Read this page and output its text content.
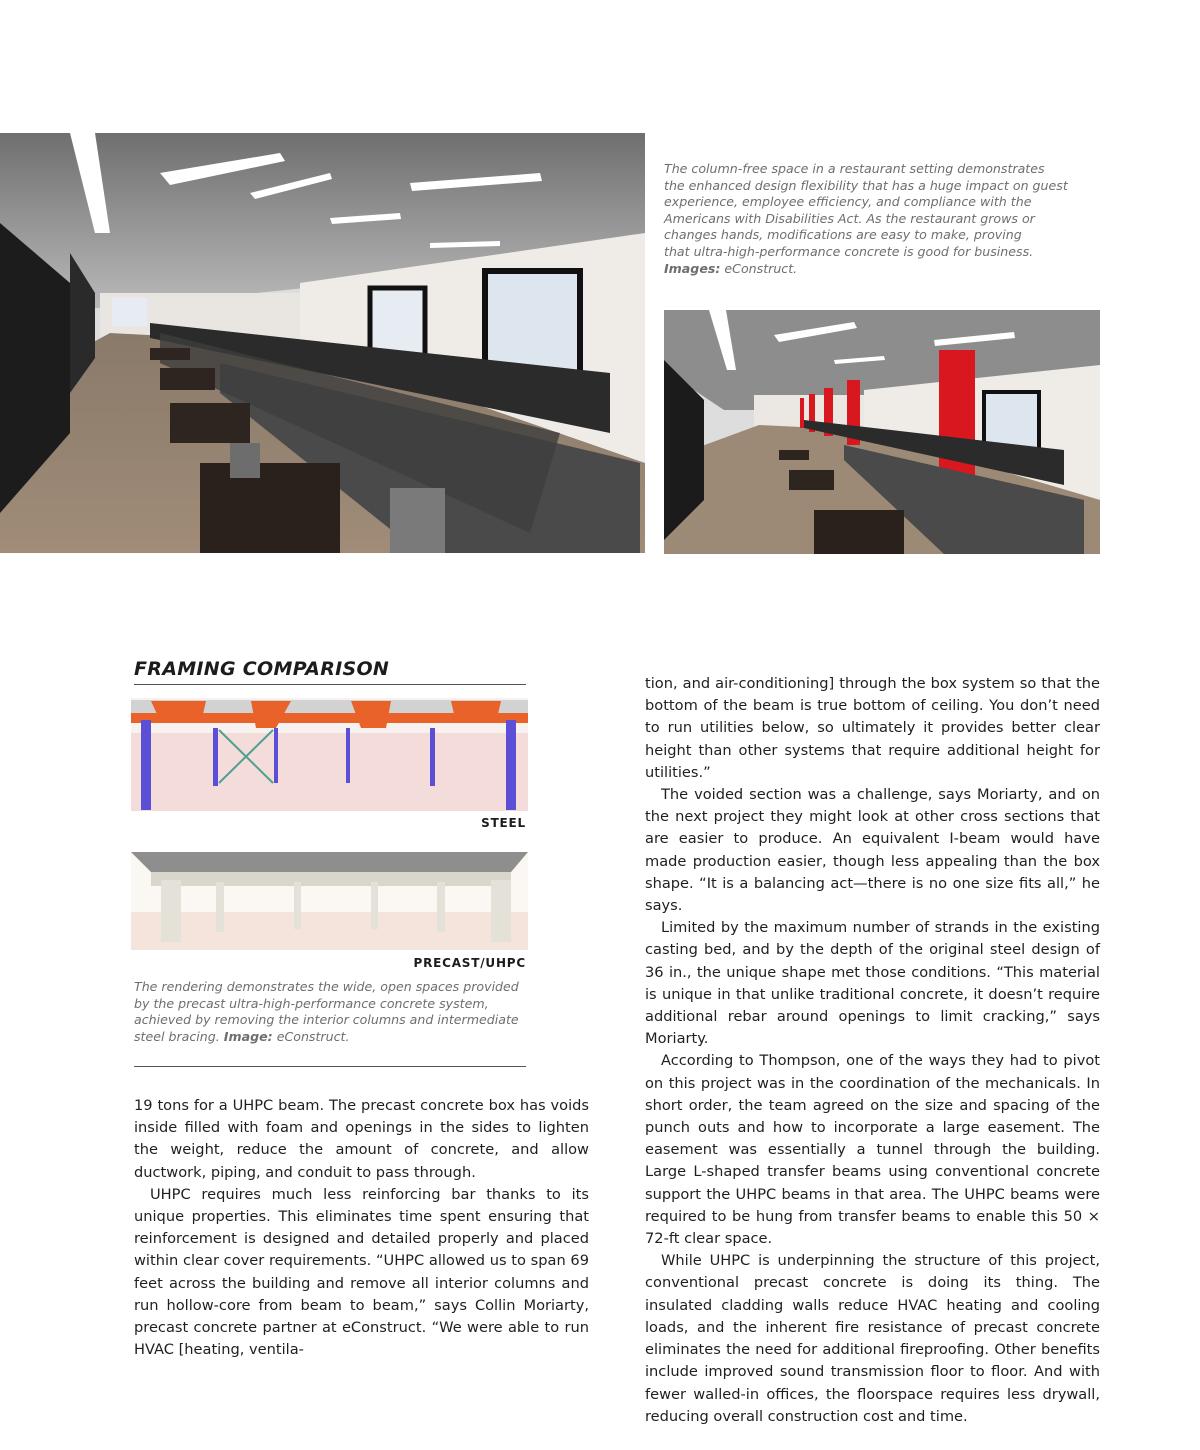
The column-free space in a restaurant setting demonstrates
the enhanced design flexibility that has a huge impact on guest
experience, employee efficiency, and compliance with the
Americans with Disabilities Act. As the restaurant grows or
changes hands, modifications are easy to make, proving
that ultra-high-performance concrete is good for business.
Images: eConstruct.
FRAMING COMPARISON
STEEL
PRECAST/UHPC
The rendering demonstrates the wide, open spaces provided
by the precast ultra-high-performance concrete system,
achieved by removing the interior columns and intermediate
steel bracing. Image: eConstruct.

19 tons for a UHPC beam. The precast concrete box has voids inside filled with foam and openings in the sides to lighten the weight, reduce the amount of concrete, and allow ductwork, piping, and conduit to pass through.

UHPC requires much less reinforcing bar thanks to its unique properties. This eliminates time spent ensuring that reinforcement is designed and detailed properly and placed within clear cover requirements. “UHPC allowed us to span 69 feet across the building and remove all interior columns and run hollow-core from beam to beam,” says Collin Moriarty, precast concrete partner at eConstruct. “We were able to run HVAC [heating, ventila-

tion, and air-conditioning] through the box system so that the bottom of the beam is true bottom of ceiling. You don’t need to run utilities below, so ultimately it provides better clear height than other systems that require additional height for utilities.”

The voided section was a challenge, says Moriarty, and on the next project they might look at other cross sections that are easier to produce. An equivalent I-beam would have made production easier, though less appealing than the box shape. “It is a balancing act—there is no one size fits all,” he says.

Limited by the maximum number of strands in the existing casting bed, and by the depth of the original steel design of 36 in., the unique shape met those conditions. “This material is unique in that unlike traditional concrete, it doesn’t require additional rebar around openings to limit cracking,” says Moriarty.

According to Thompson, one of the ways they had to pivot on this project was in the coordination of the mechanicals. In short order, the team agreed on the size and spacing of the punch outs and how to incorporate a large easement. The easement was essentially a tunnel through the building. Large L-shaped transfer beams using conventional concrete support the UHPC beams in that area. The UHPC beams were required to be hung from transfer beams to enable this 50 × 72-ft clear space.

While UHPC is underpinning the structure of this project, conventional precast concrete is doing its thing. The insulated cladding walls reduce HVAC heating and cooling loads, and the inherent fire resistance of precast concrete eliminates the need for additional fireproofing. Other benefits include improved sound transmission floor to floor. And with fewer walled-in offices, the floorspace requires less drywall, reducing overall construction cost and time.
